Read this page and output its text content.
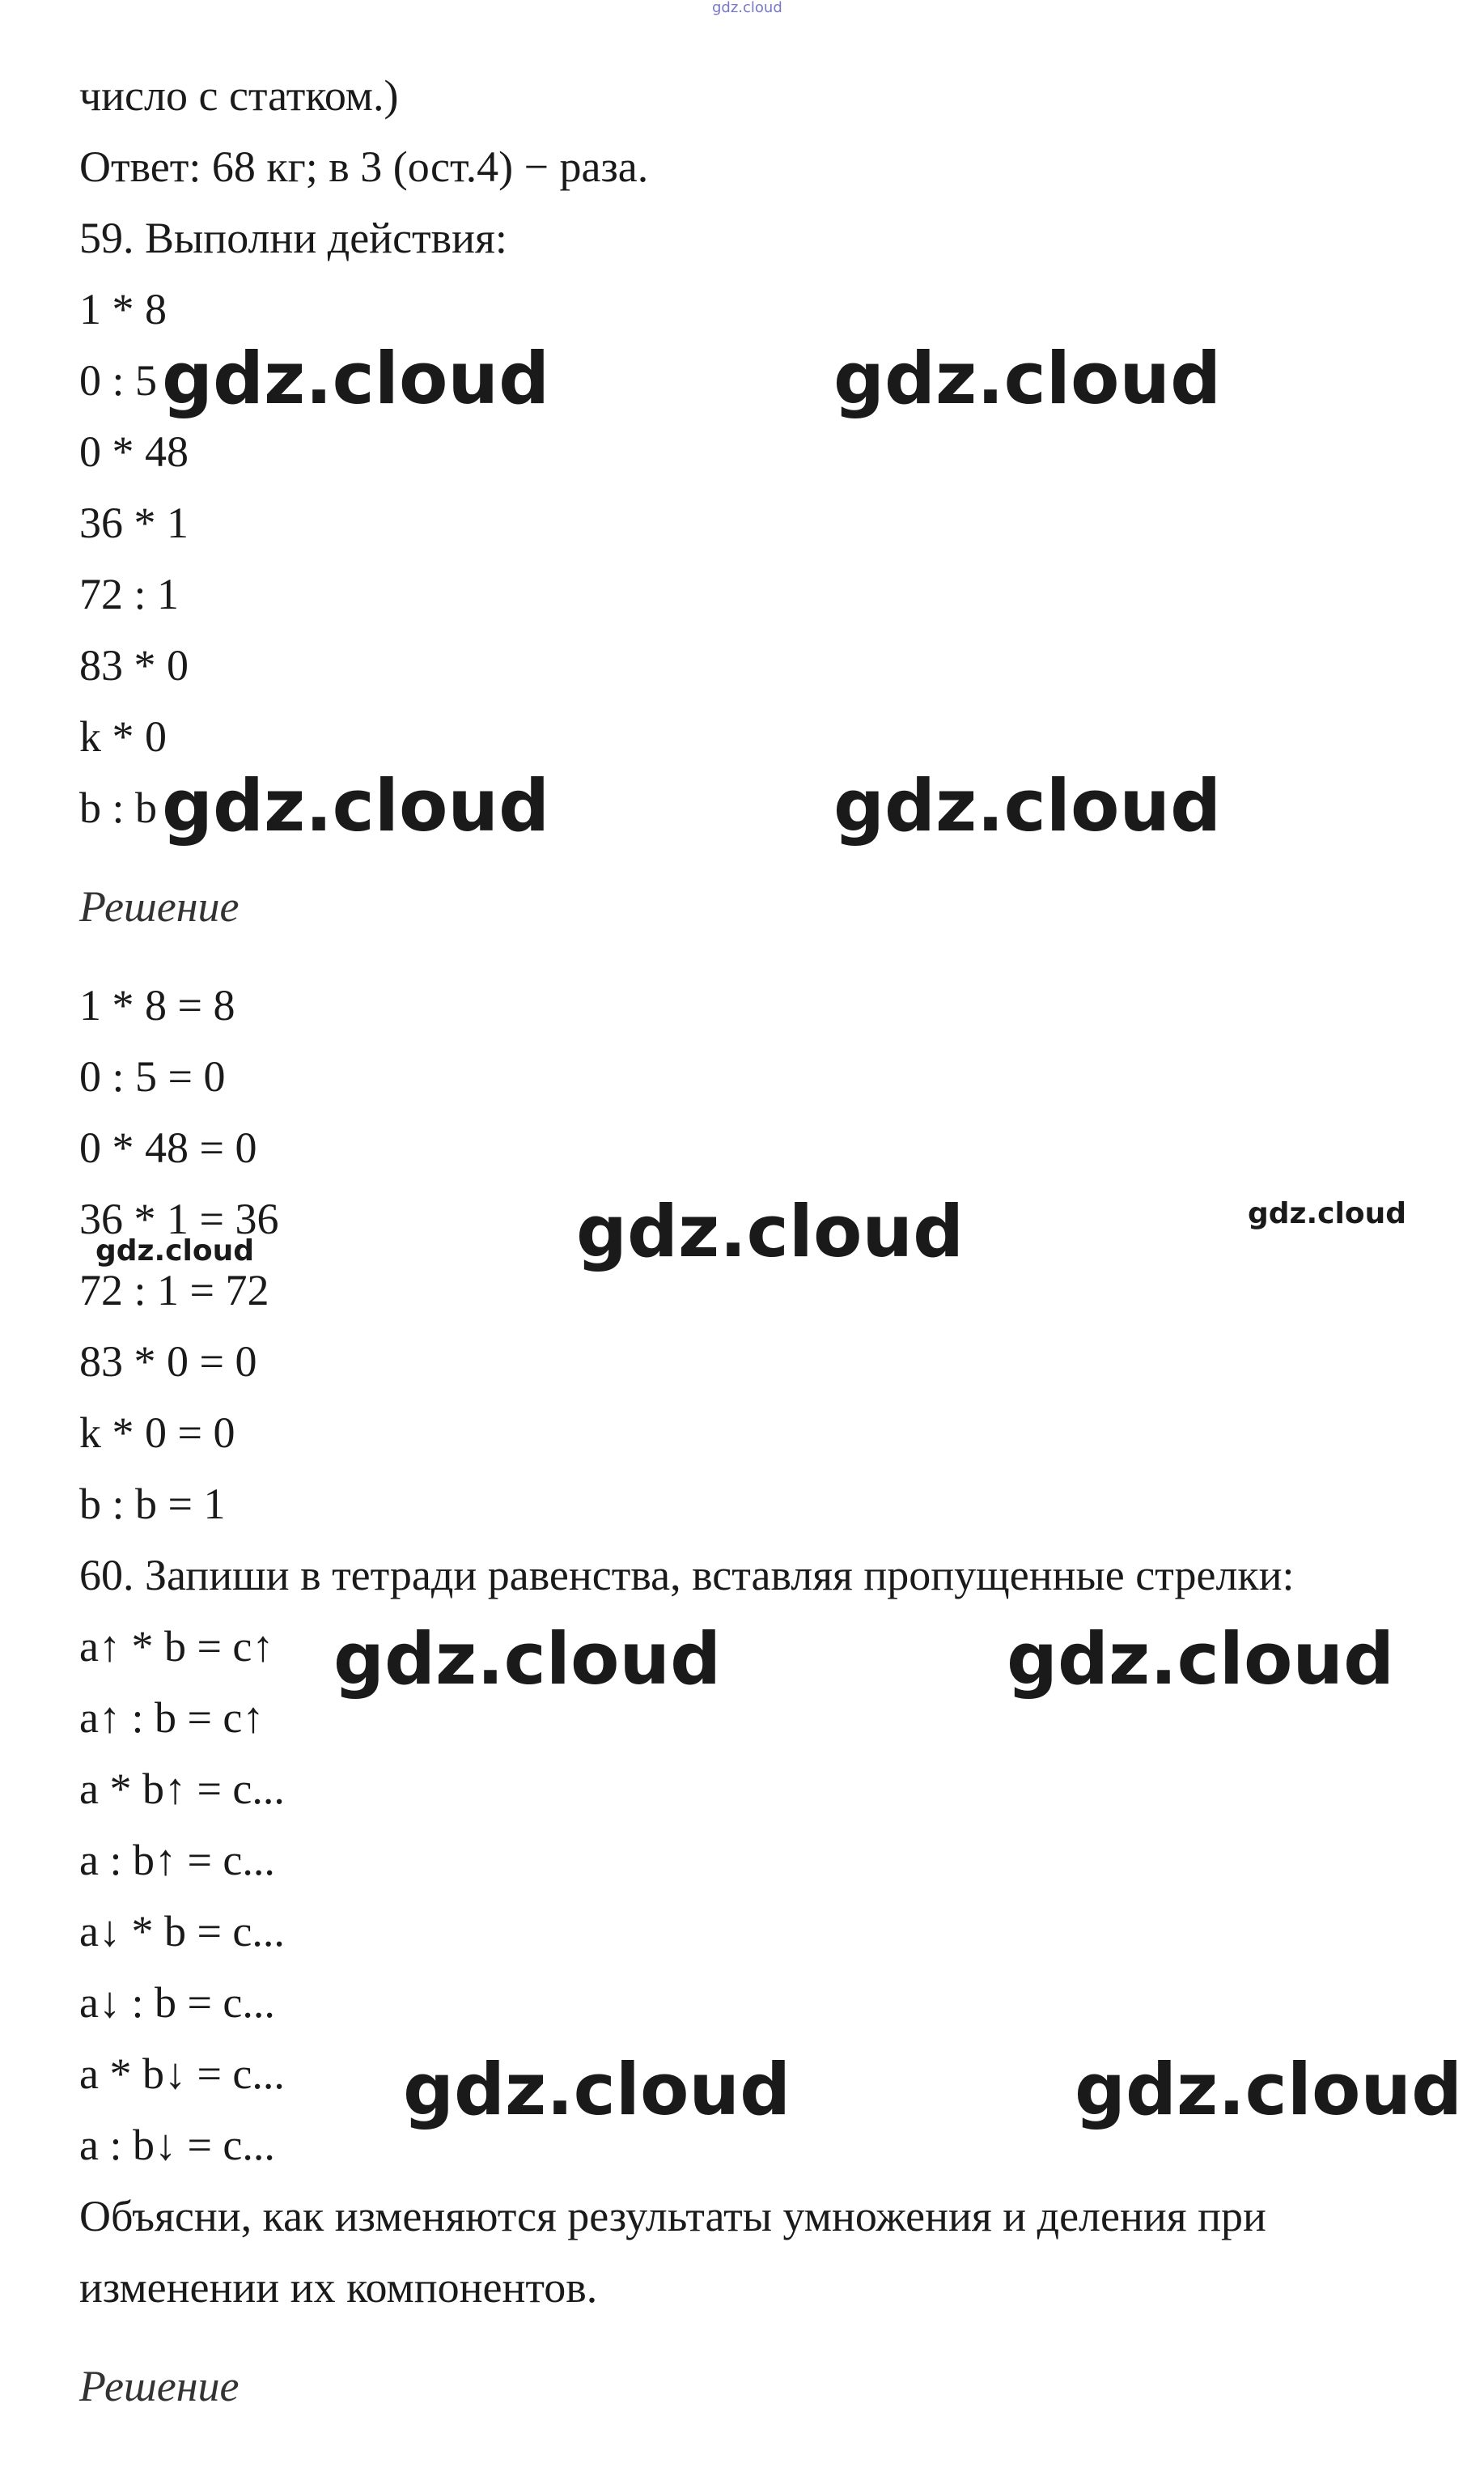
gdz.cloud
число с статком.)
Ответ: 68 кг; в 3 (ост.4) − раза.
59. Выполни действия:
1 * 8
0 : 5
0 * 48
36 * 1
72 : 1
83 * 0
k * 0
b : b
Решение
1 * 8 = 8
0 : 5 = 0
0 * 48 = 0
36 * 1 = 36
72 : 1 = 72
83 * 0 = 0
k * 0 = 0
b : b = 1
60. Запиши в тетради равенства, вставляя пропущенные стрелки:
a↑ * b = c↑
a↑ : b = c↑
a * b↑ = c...
a : b↑ = c...
a↓ * b = c...
a↓ : b = c...
a * b↓ = c...
a : b↓ = c...
Объясни, как изменяются результаты умножения и деления при
изменении их компонентов.
Решение
gdz.cloud	gdz.cloud
gdz.cloud	gdz.cloud
gdz.cloud	gdz.cloud
gdz.cloud
gdz.cloud	gdz.cloud
gdz.cloud	gdz.cloud
